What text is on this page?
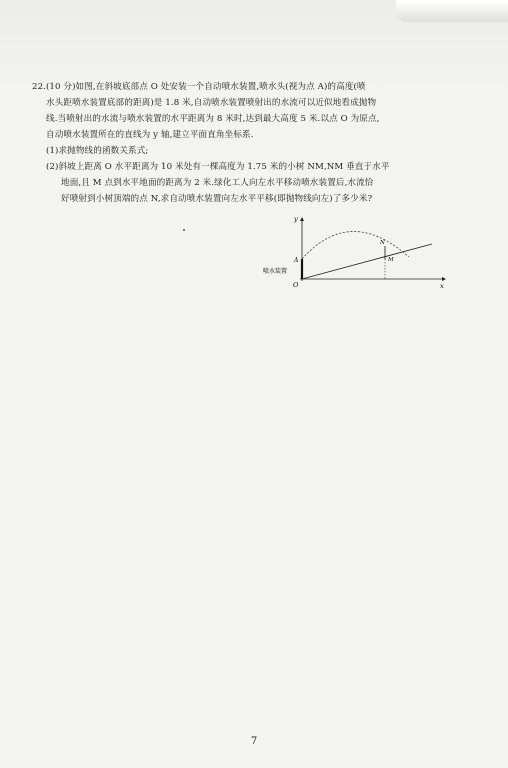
22.(10 分)如图,在斜坡底部点 O 处安装一个自动喷水装置,喷水头(视为点 A)的高度(喷
水头距喷水装置底部的距离)是 1.8 米,自动喷水装置喷射出的水流可以近似地看成抛物
线.当喷射出的水流与喷水装置的水平距离为 8 米时,达到最大高度 5 米.以点 O 为原点,
自动喷水装置所在的直线为 y 轴,建立平面直角坐标系.
(1)求抛物线的函数关系式;
(2)斜坡上距离 O 水平距离为 10 米处有一棵高度为 1.75 米的小树 NM,NM 垂直于水平
地面,且 M 点到水平地面的距离为 2 米.绿化工人向左水平移动喷水装置后,水流恰
好喷射到小树顶端的点 N,求自动喷水装置向左水平平移(即抛物线向左)了多少米?
y
x
O
A
N
M
喷水装置
7
